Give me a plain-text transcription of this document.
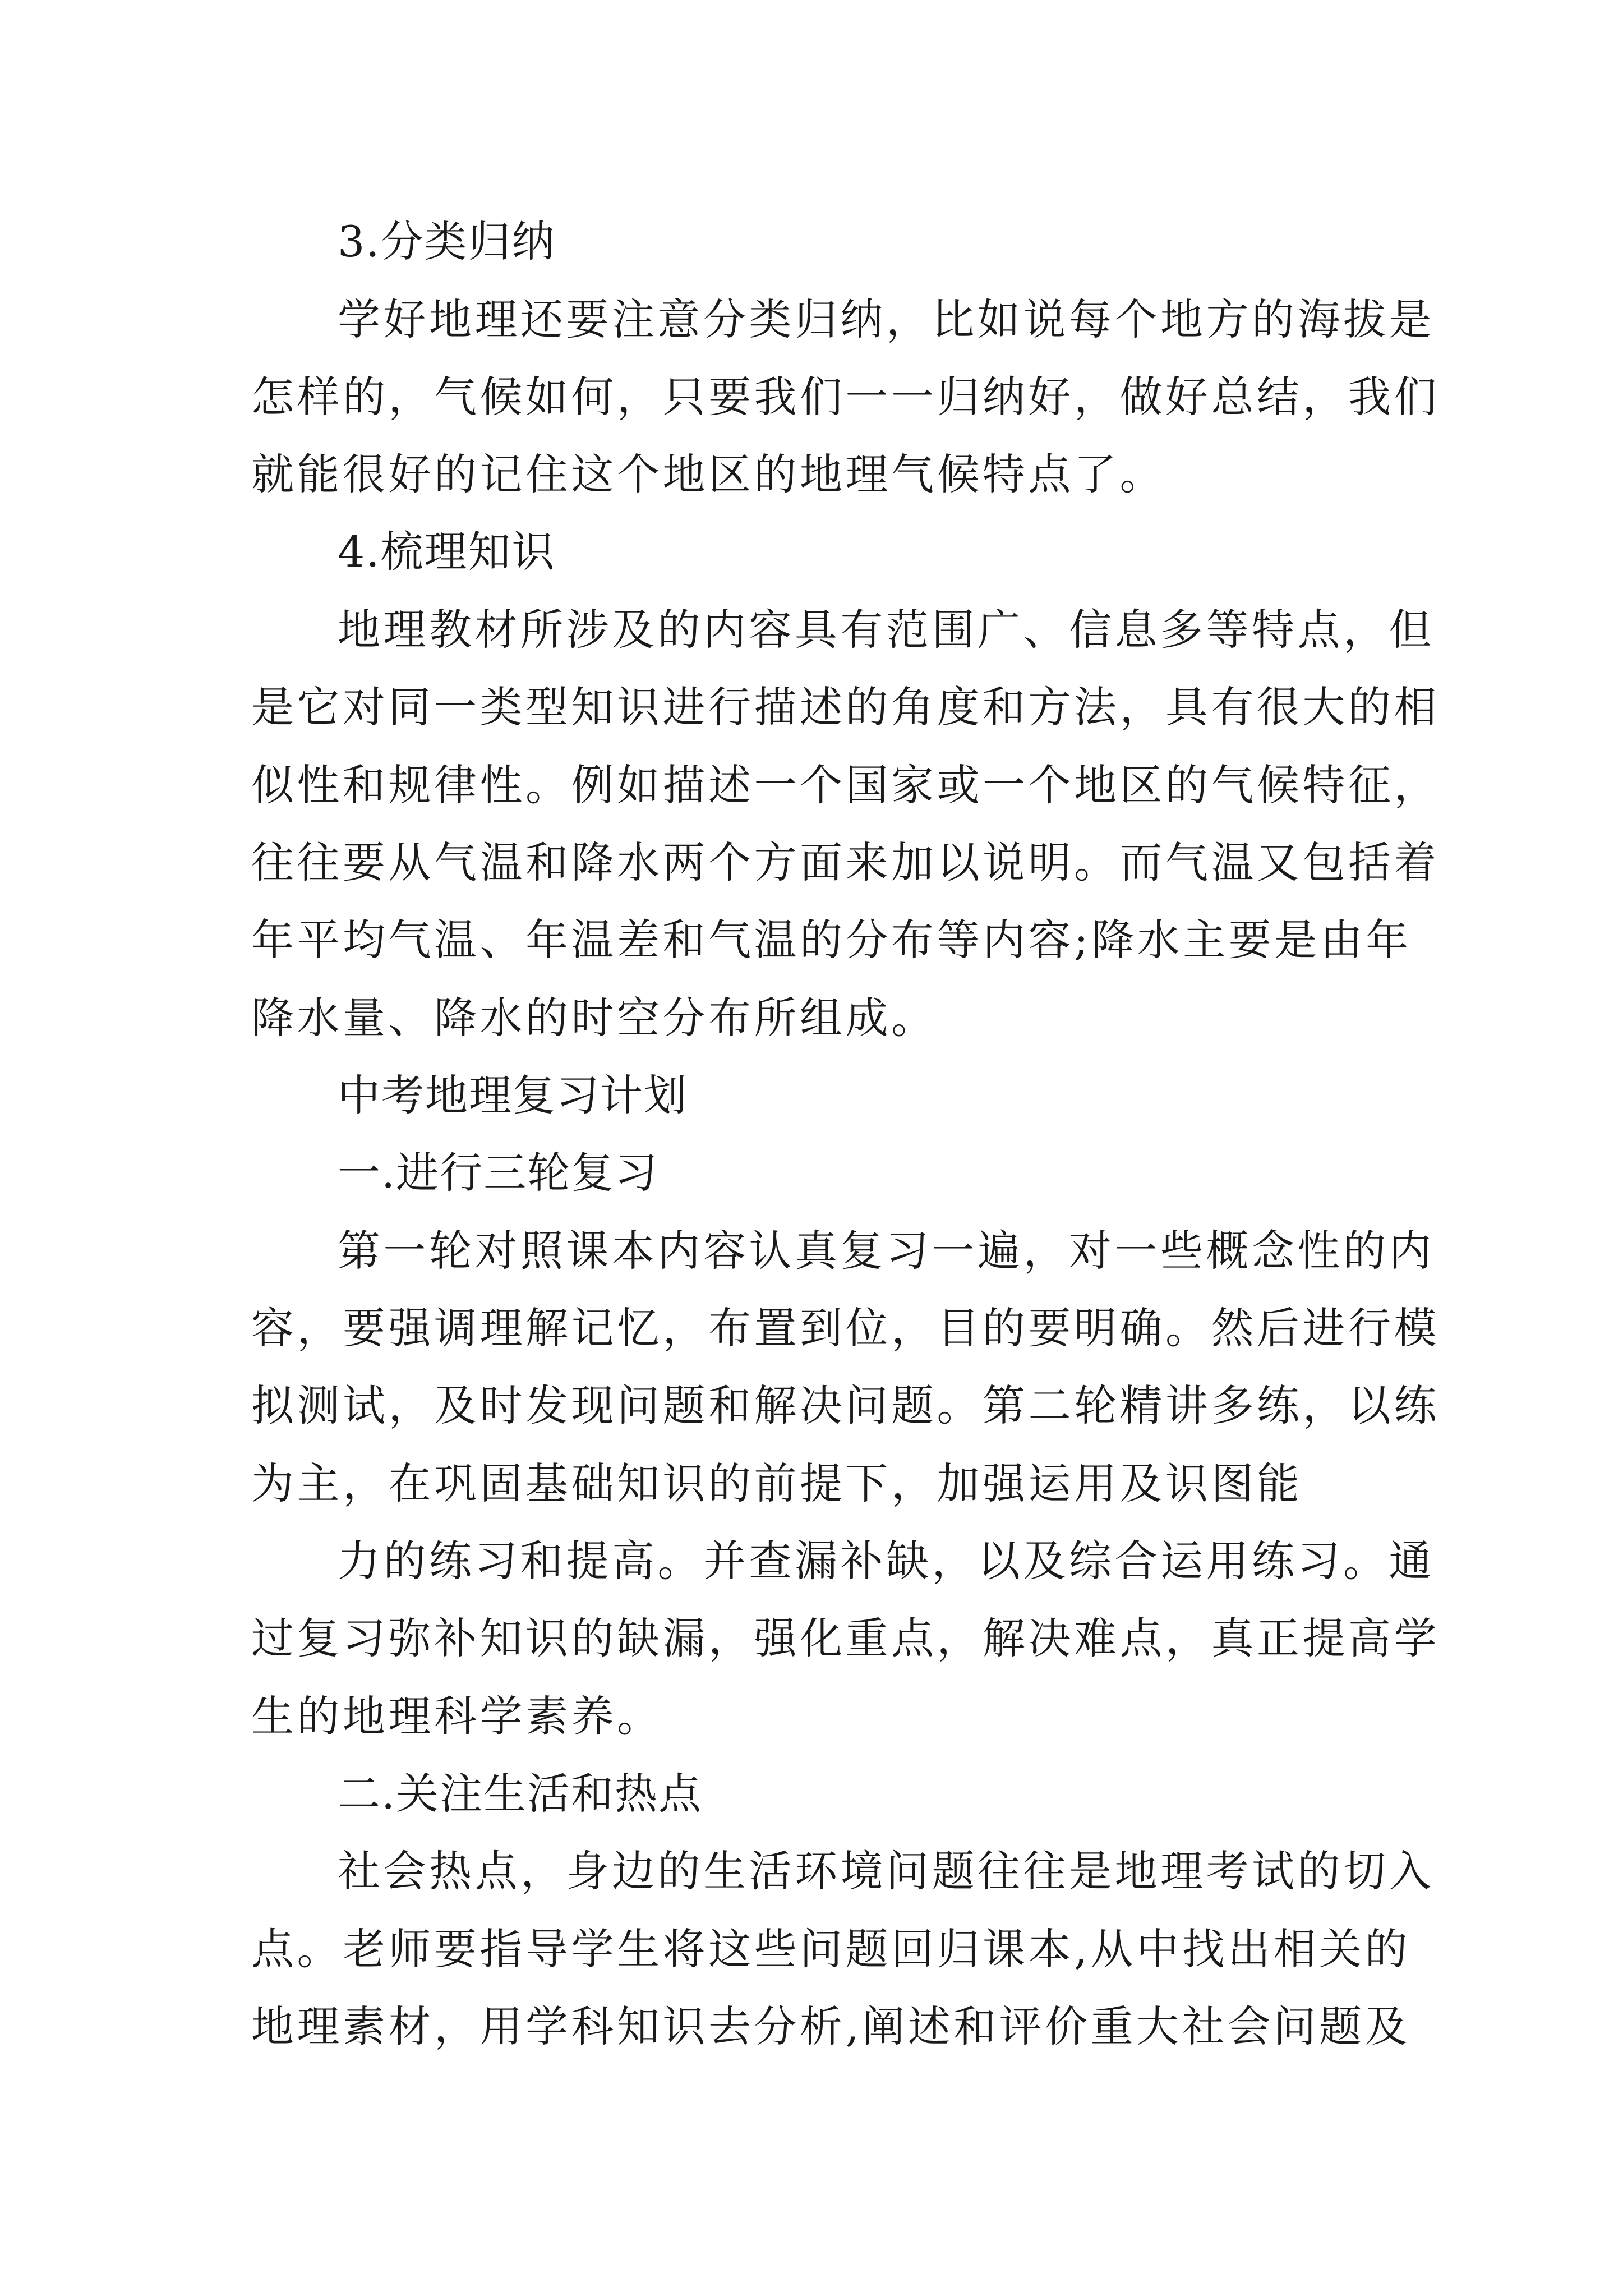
3.分类归纳
学好地理还要注意分类归纳，比如说每个地方的海拔是
怎样的，气候如何，只要我们一一归纳好，做好总结，我们
就能很好的记住这个地区的地理气候特点了。
4.梳理知识
地理教材所涉及的内容具有范围广、信息多等特点，但
是它对同一类型知识进行描述的角度和方法，具有很大的相
似性和规律性。例如描述一个国家或一个地区的气候特征，
往往要从气温和降水两个方面来加以说明。而气温又包括着
年平均气温、年温差和气温的分布等内容;降水主要是由年
降水量、降水的时空分布所组成。
中考地理复习计划
一.进行三轮复习
第一轮对照课本内容认真复习一遍，对一些概念性的内
容，要强调理解记忆，布置到位，目的要明确。然后进行模
拟测试，及时发现问题和解决问题。第二轮精讲多练，以练
为主，在巩固基础知识的前提下，加强运用及识图能
力的练习和提高。并查漏补缺，以及综合运用练习。通
过复习弥补知识的缺漏，强化重点，解决难点，真正提高学
生的地理科学素养。
二.关注生活和热点
社会热点，身边的生活环境问题往往是地理考试的切入
点。老师要指导学生将这些问题回归课本,从中找出相关的
地理素材，用学科知识去分析,阐述和评价重大社会问题及
